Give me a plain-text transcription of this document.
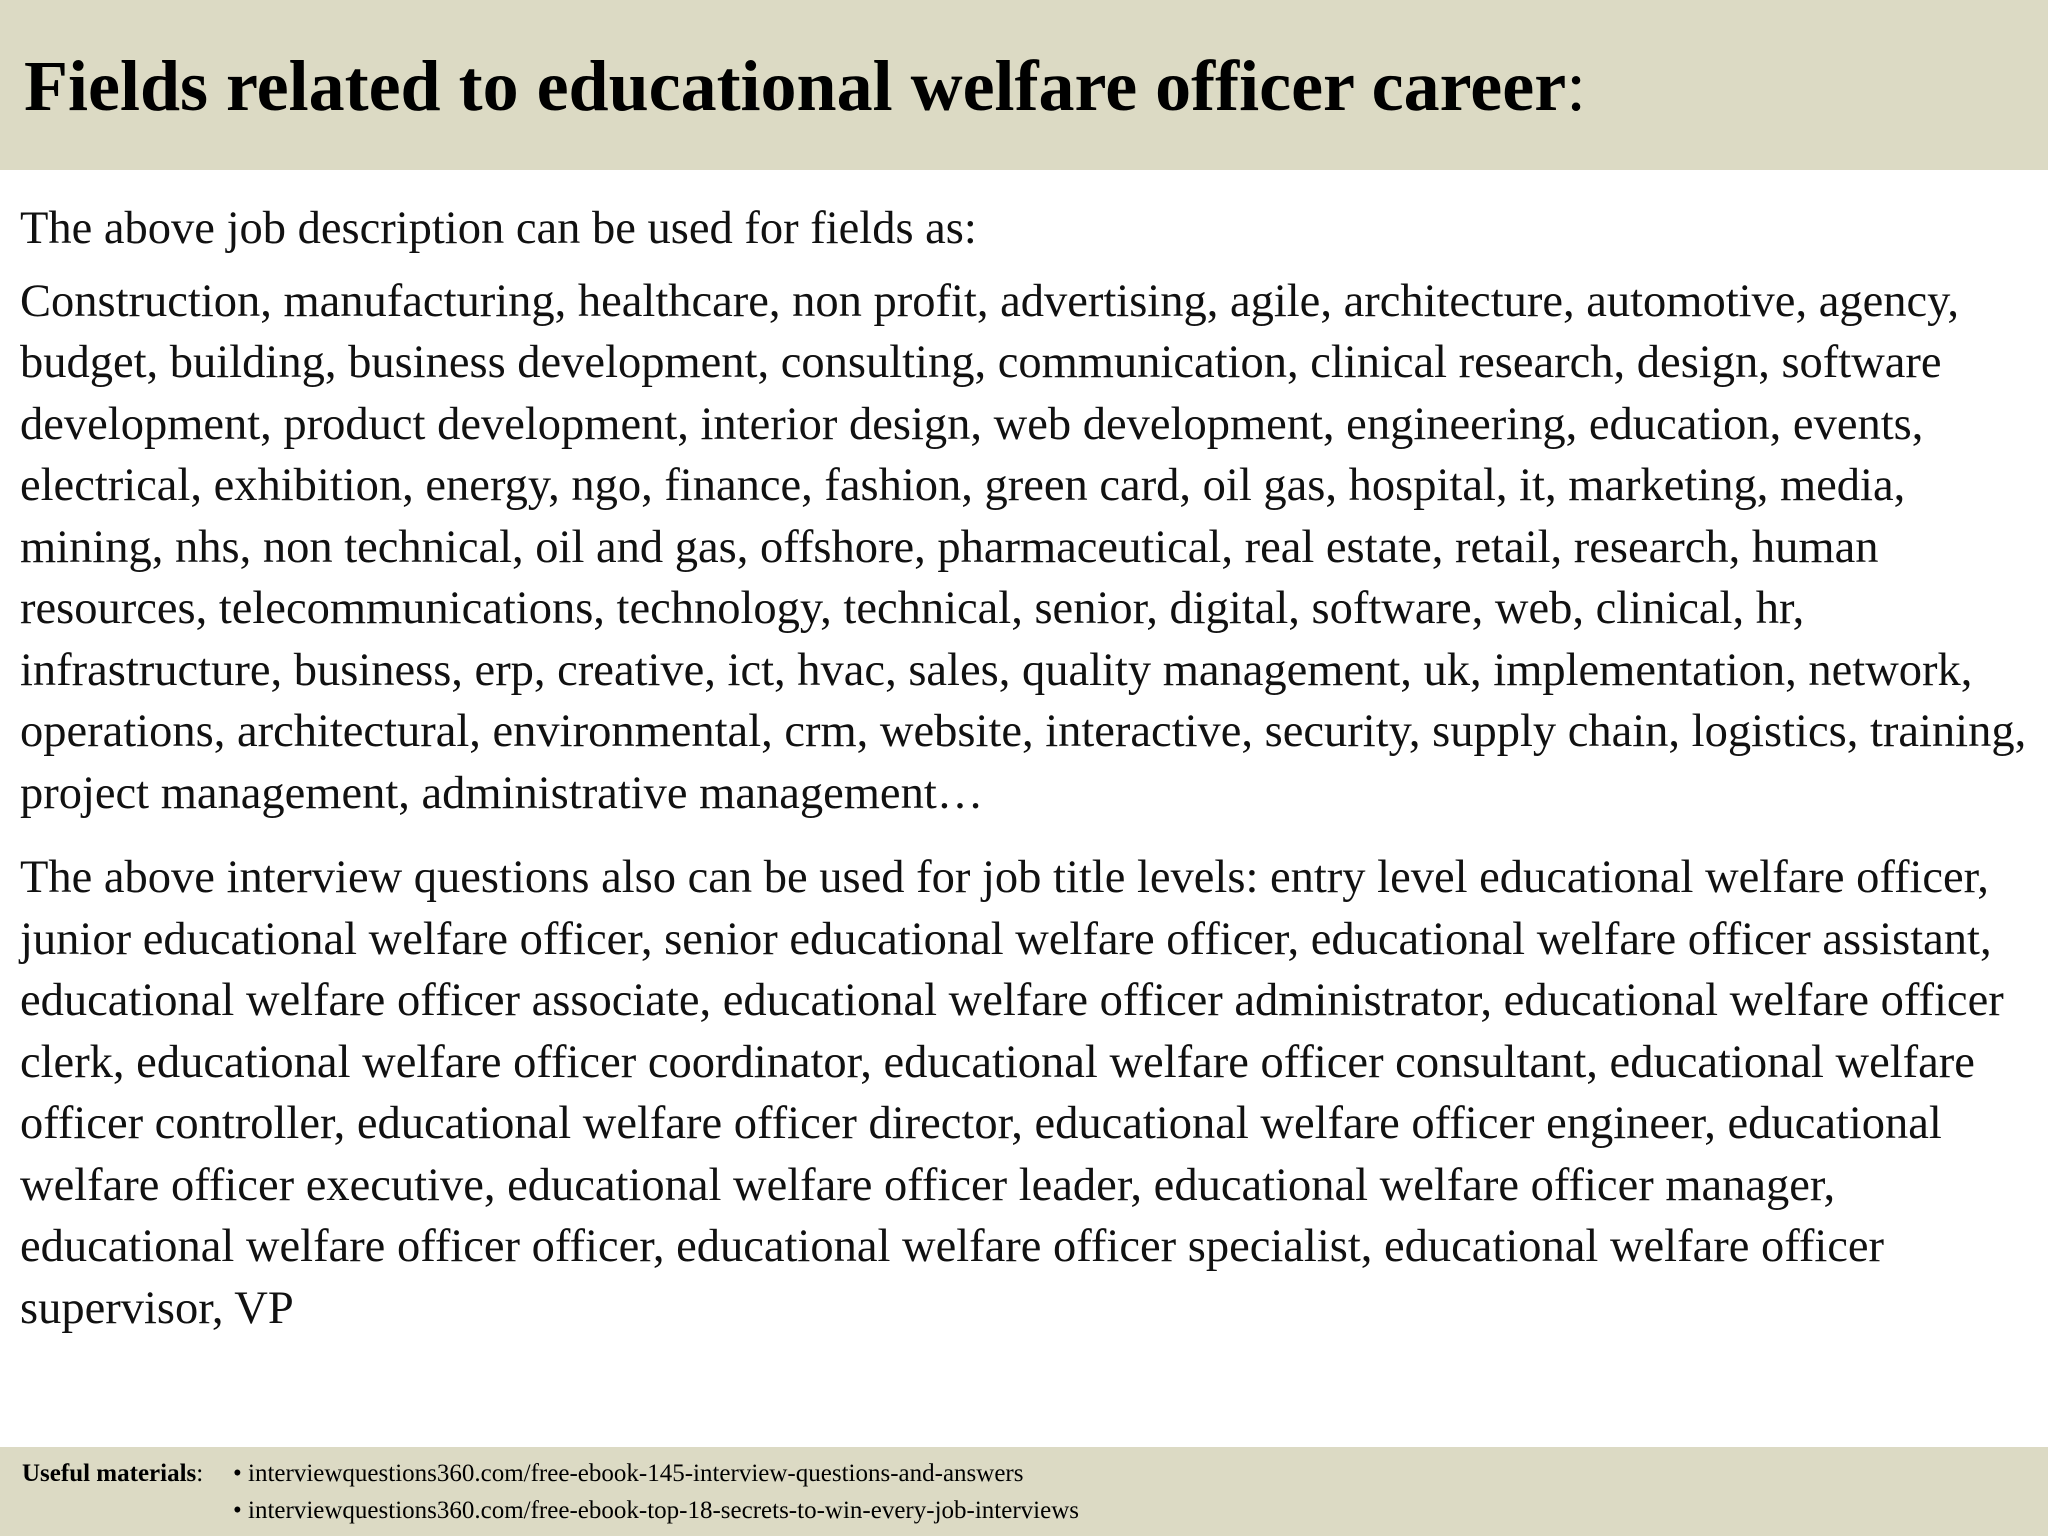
Fields related to educational welfare officer career:

The above job description can be used for fields as:

Construction, manufacturing, healthcare, non profit, advertising, agile, architecture, automotive, agency, budget, building, business development, consulting, communication, clinical research, design, software development, product development, interior design, web development, engineering, education, events, electrical, exhibition, energy, ngo, finance, fashion, green card, oil gas, hospital, it, marketing, media, mining, nhs, non technical, oil and gas, offshore, pharmaceutical, real estate, retail, research, human resources, telecommunications, technology, technical, senior, digital, software, web, clinical, hr, infrastructure, business, erp, creative, ict, hvac, sales, quality management, uk, implementation, network, operations, architectural, environmental, crm, website, interactive, security, supply chain, logistics, training, project management, administrative management…

The above interview questions also can be used for job title levels: entry level educational welfare officer, junior educational welfare officer, senior educational welfare officer, educational welfare officer assistant, educational welfare officer associate, educational welfare officer administrator, educational welfare officer clerk, educational welfare officer coordinator, educational welfare officer consultant, educational welfare officer controller, educational welfare officer director, educational welfare officer engineer, educational welfare officer executive, educational welfare officer leader, educational welfare officer manager, educational welfare officer officer, educational welfare officer specialist, educational welfare officer supervisor, VP

Useful materials:
•	interviewquestions360.com/free-ebook-145-interview-questions-and-answers
• interviewquestions360.com/free-ebook-top-18-secrets-to-win-every-job-interviews
